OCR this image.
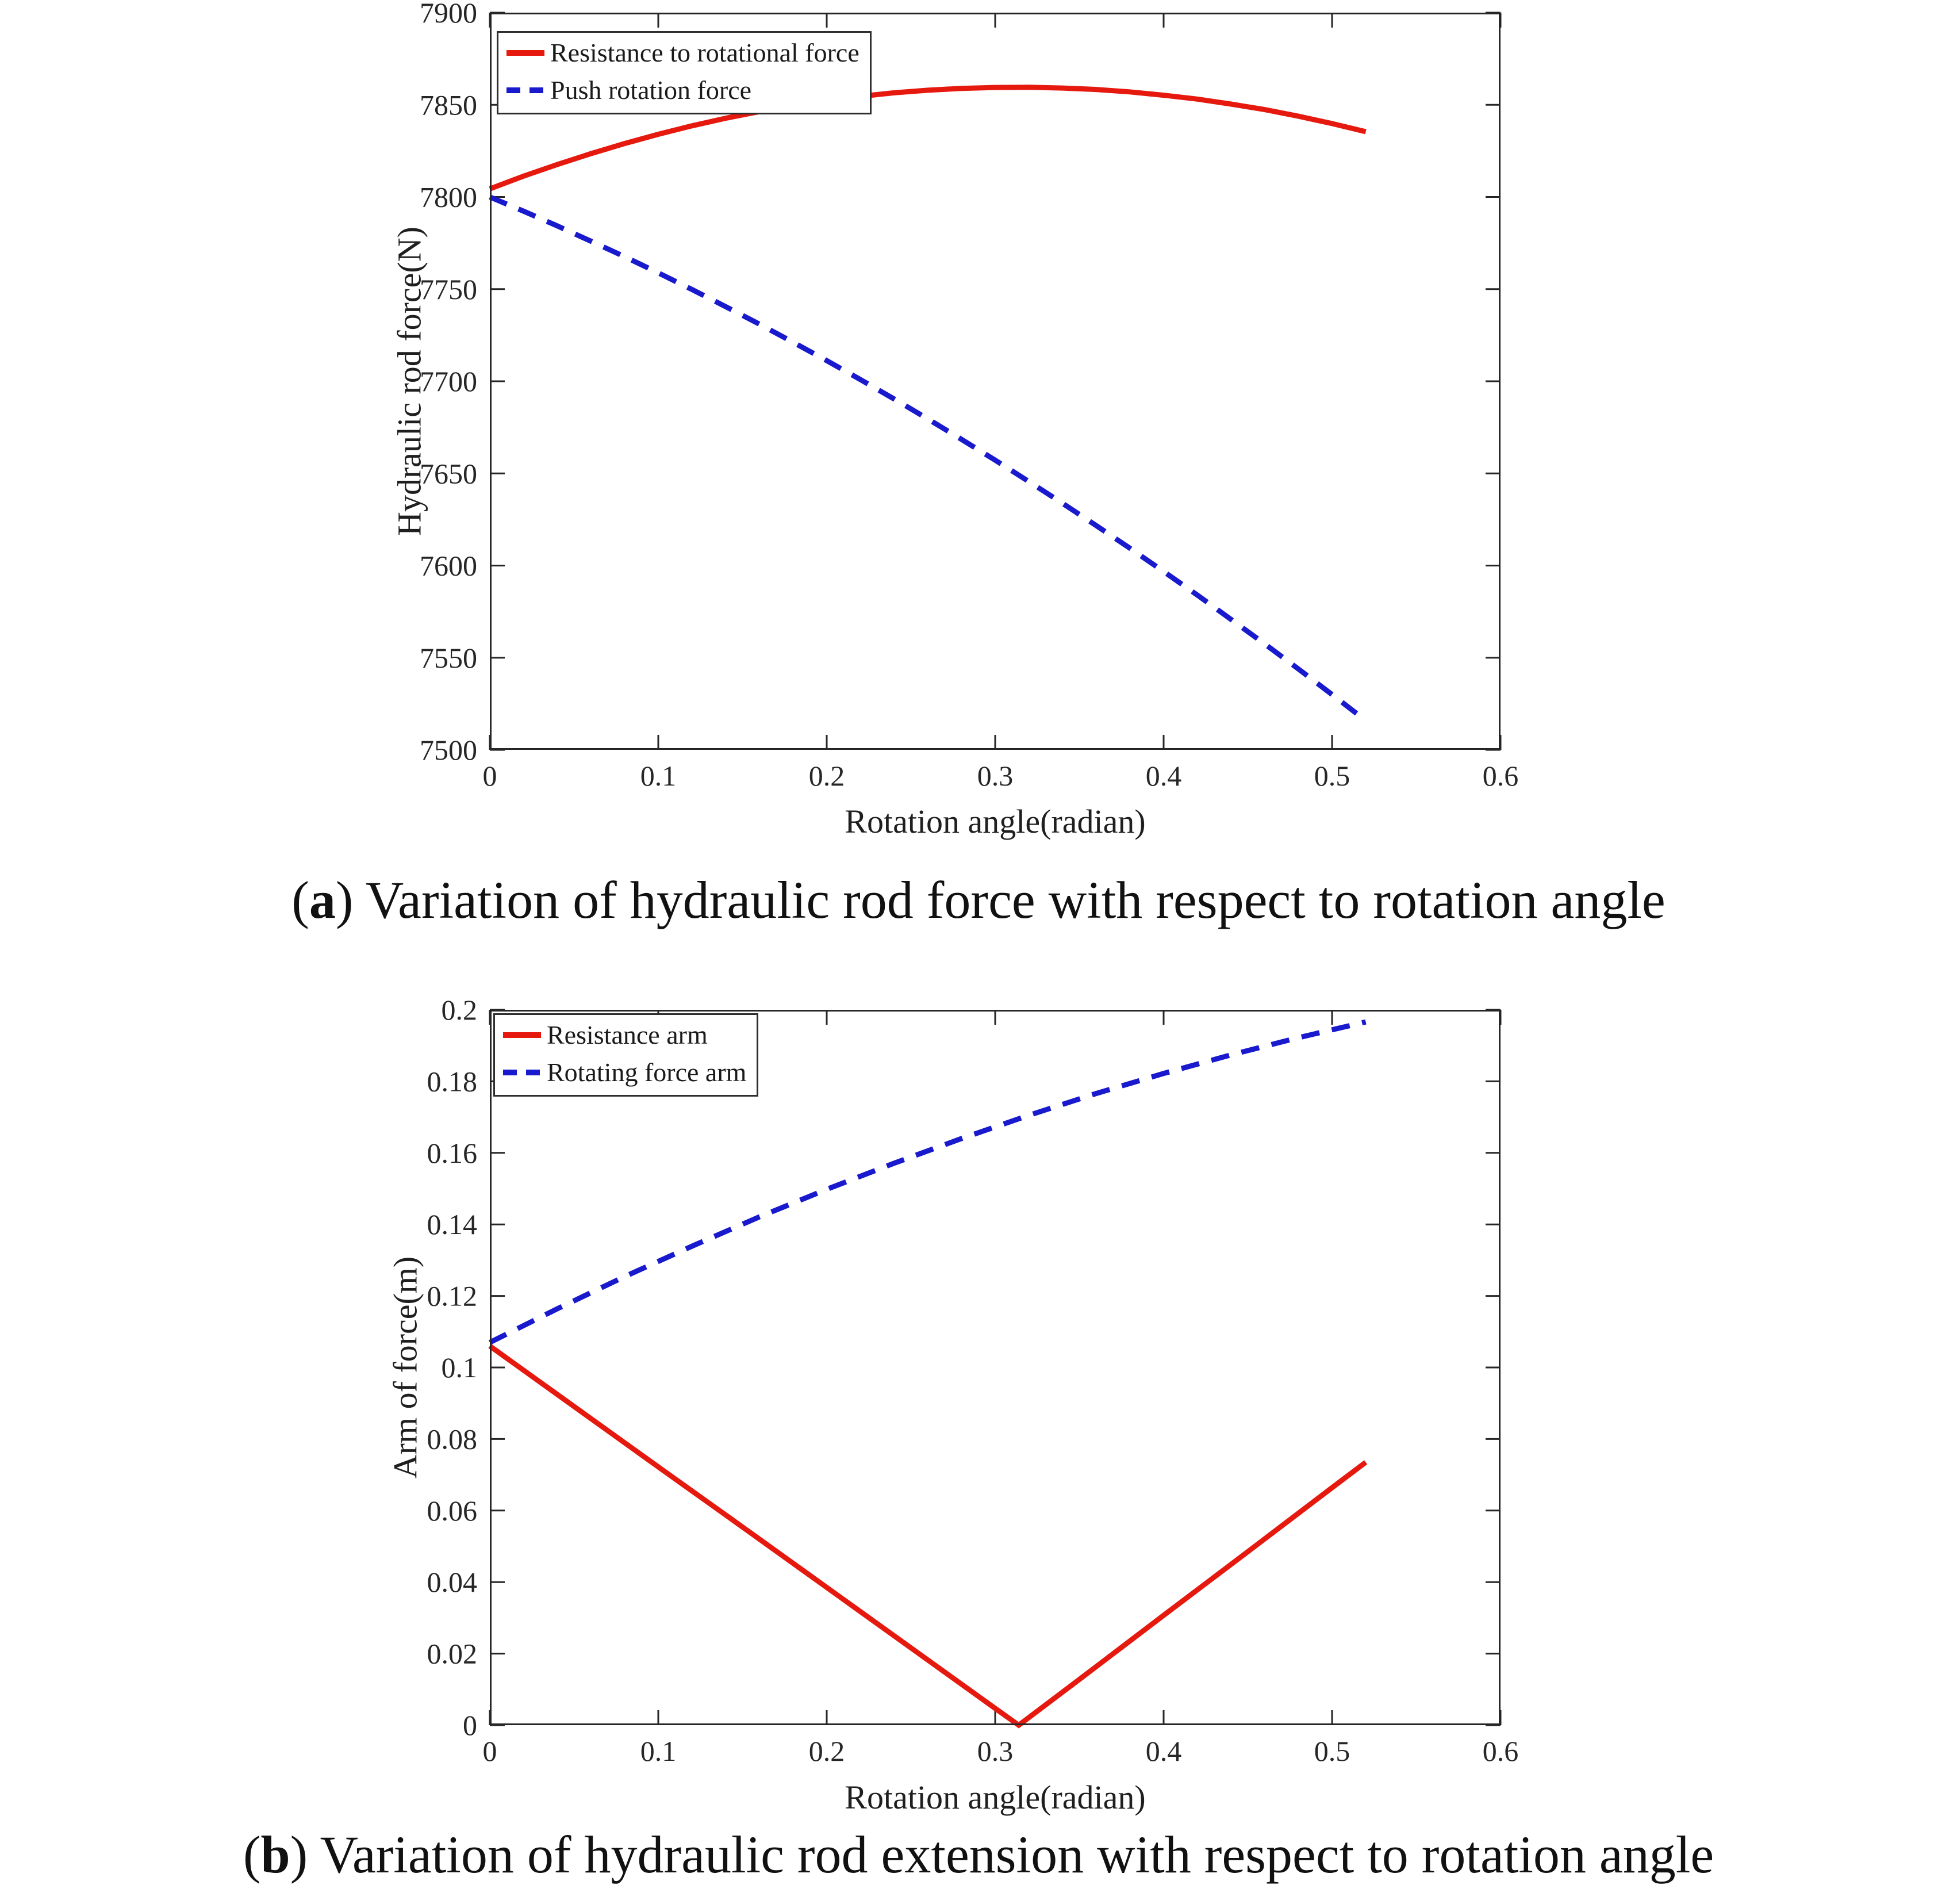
Hydraulic rod force(N)
0	0.1	0.2	0.3	0.4	0.5	0.6
7500
7550
7600
7650
7700
7750
7800
7850
7900
Resistance to rotational force
Push rotation force
Rotation angle(radian)
(a) Variation of hydraulic rod force with respect to rotation angle
Arm of force(m)
0	0.1	0.2	0.3	0.4	0.5	0.6
0
0.02
0.04
0.06
0.08
0.1
0.12
0.14
0.16
0.18
0.2
Resistance arm
Rotating force arm
Rotation angle(radian)
(b) Variation of hydraulic rod extension with respect to rotation angle
